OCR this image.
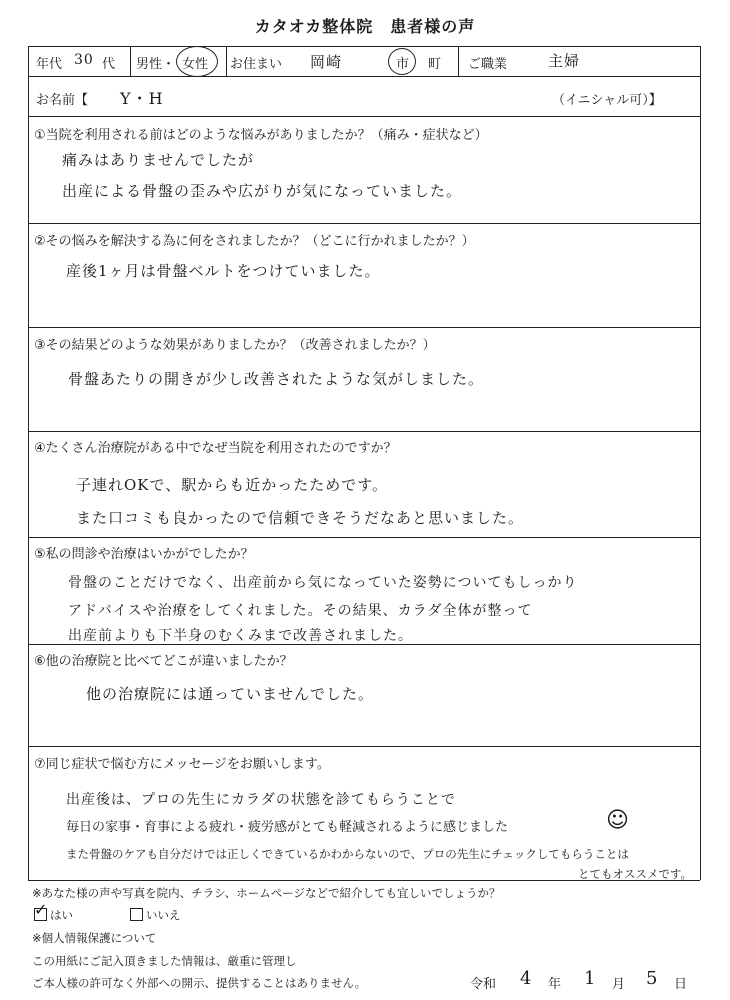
カタオカ整体院　患者様の声
年代 30 代 男性・ 女性 お住まい 岡崎	市 町 ご職業	主婦
お名前【 Y・H	（イニシャル可）】
①当院を利用される前はどのような悩みがありましたか？（痛み・症状など）
痛みはありませんでしたが
出産による骨盤の歪みや広がりが気になっていました。
②その悩みを解決する為に何をされましたか？（どこに行かれましたか？）
産後1ヶ月は骨盤ベルトをつけていました。
③その結果どのような効果がありましたか？（改善されましたか？）
骨盤あたりの開きが少し改善されたような気がしました。
④たくさん治療院がある中でなぜ当院を利用されたのですか？
子連れOKで、駅からも近かったためです。
また口コミも良かったので信頼できそうだなあと思いました。
⑤私の問診や治療はいかがでしたか？
骨盤のことだけでなく、出産前から気になっていた姿勢についてもしっかり
アドバイスや治療をしてくれました。その結果、カラダ全体が整って
出産前よりも下半身のむくみまで改善されました。
⑥他の治療院と比べてどこが違いましたか？
他の治療院には通っていませんでした。
⑦同じ症状で悩む方にメッセージをお願いします。
出産後は、プロの先生にカラダの状態を診てもらうことで
毎日の家事・育事による疲れ・疲労感がとても軽減されるように感じました	☺
また骨盤のケアも自分だけでは正しくできているかわからないので、プロの先生にチェックしてもらうことは
とてもオススメです。
※あなた様の声や写真を院内、チラシ、ホームページなどで紹介しても宜しいでしょうか？
✓ はい	いいえ
※個人情報保護について
この用紙にご記入頂きました情報は、厳重に管理し
ご本人様の許可なく外部への開示、提供することはありません。	令和 4 年 1 月 5 日
